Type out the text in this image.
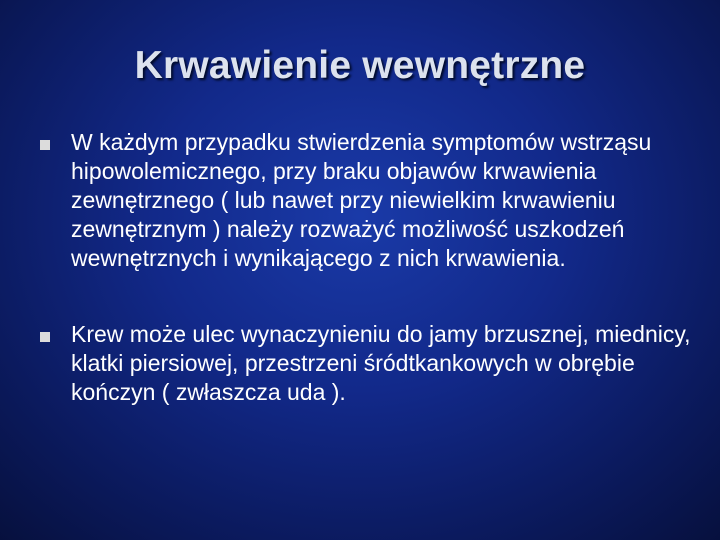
Krwawienie wewnętrzne
W każdym przypadku stwierdzenia symptomów wstrząsu hipowolemicznego, przy braku objawów krwawienia zewnętrznego ( lub nawet przy niewielkim krwawieniu zewnętrznym ) należy rozważyć możliwość uszkodzeń wewnętrznych i wynikającego z nich krwawienia.
Krew może ulec wynaczynieniu do jamy brzusznej, miednicy, klatki piersiowej, przestrzeni śródtkankowych w obrębie kończyn ( zwłaszcza uda ).
